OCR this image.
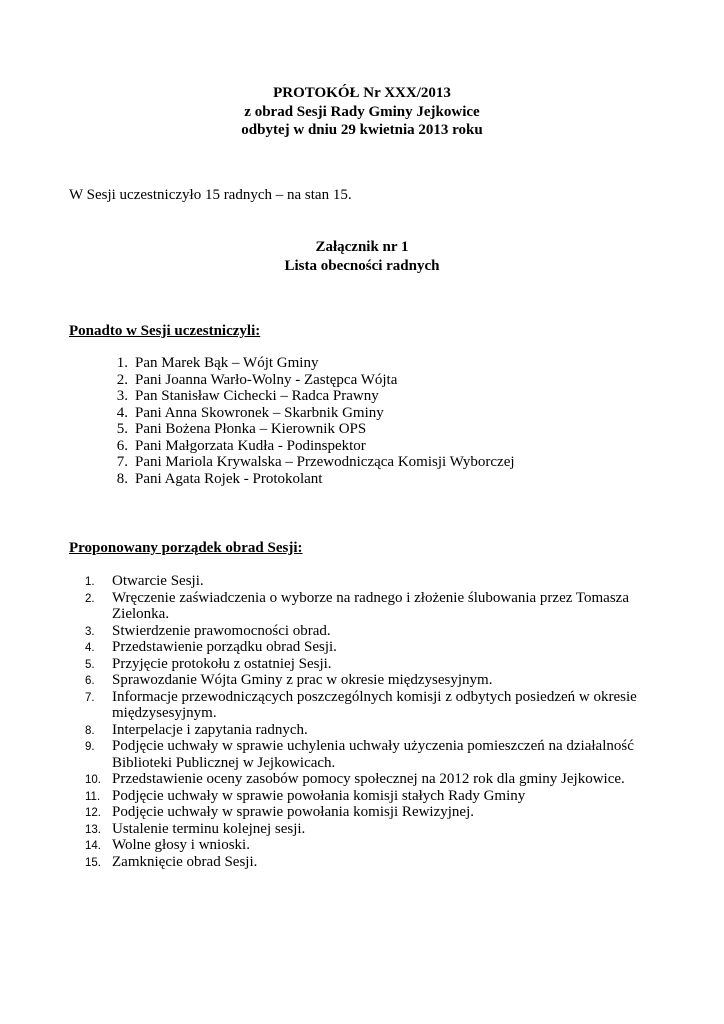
PROTOKÓŁ Nr XXX/2013
z obrad Sesji Rady Gminy Jejkowice
odbytej w dniu 29 kwietnia 2013 roku
W Sesji uczestniczyło 15 radnych – na stan 15.
Załącznik nr 1
Lista obecności radnych
Ponadto w Sesji uczestniczyli:
1. Pan Marek Bąk – Wójt Gminy
2. Pani Joanna Warło-Wolny - Zastępca Wójta
3. Pan Stanisław Cichecki – Radca Prawny
4. Pani Anna Skowronek – Skarbnik Gminy
5. Pani Bożena Płonka – Kierownik OPS
6. Pani Małgorzata Kudła - Podinspektor
7. Pani Mariola Krywalska – Przewodnicząca Komisji Wyborczej
8. Pani Agata Rojek - Protokolant
Proponowany porządek obrad Sesji:
1.	Otwarcie Sesji.
2.	Wręczenie zaświadczenia o wyborze na radnego i złożenie ślubowania przez Tomasza Zielonka.
3.	Stwierdzenie prawomocności obrad.
4.	Przedstawienie porządku obrad Sesji.
5.	Przyjęcie protokołu z ostatniej Sesji.
6.	Sprawozdanie Wójta Gminy z prac w okresie międzysesyjnym.
7.	Informacje przewodniczących poszczególnych komisji z odbytych posiedzeń w okresie międzysesyjnym.
8.	Interpelacje i zapytania radnych.
9.	Podjęcie uchwały w sprawie uchylenia uchwały użyczenia pomieszczeń na działalność Biblioteki Publicznej w Jejkowicach.
10. Przedstawienie oceny zasobów pomocy społecznej na 2012 rok dla gminy Jejkowice.
11. Podjęcie uchwały w sprawie powołania komisji stałych Rady Gminy
12. Podjęcie uchwały w sprawie powołania komisji Rewizyjnej.
13. Ustalenie terminu kolejnej sesji.
14. Wolne głosy i wnioski.
15. Zamknięcie obrad Sesji.
